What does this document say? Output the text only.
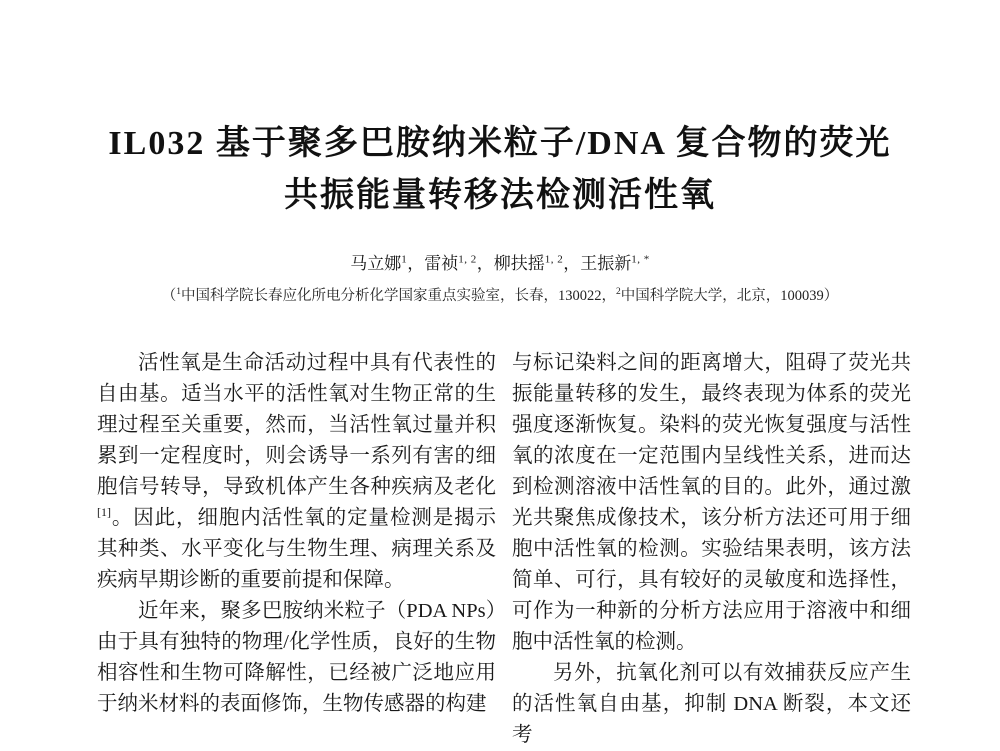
IL032 基于聚多巴胺纳米粒子/DNA 复合物的荧光
共振能量转移法检测活性氧
马立娜$^1$，雷祯$^{1, 2}$，柳扶摇$^{1, 2}$，王振新$^{1, *}$
（$^1$中国科学院长春应化所电分析化学国家重点实验室，长春，130022，$^2$中国科学院大学，北京，100039）

活性氧是生命活动过程中具有代表性的自由基。适当水平的活性氧对生物正常的生理过程至关重要，然而，当活性氧过量并积累到一定程度时，则会诱导一系列有害的细胞信号转导，导致机体产生各种疾病及老化[1]。因此，细胞内活性氧的定量检测是揭示其种类、水平变化与生物生理、病理关系及疾病早期诊断的重要前提和保障。

近年来，聚多巴胺纳米粒子（PDA NPs）由于具有独特的物理/化学性质，良好的生物相容性和生物可降解性，已经被广泛地应用于纳米材料的表面修饰，生物传感器的构建

与标记染料之间的距离增大，阻碍了荧光共振能量转移的发生，最终表现为体系的荧光强度逐渐恢复。染料的荧光恢复强度与活性氧的浓度在一定范围内呈线性关系，进而达到检测溶液中活性氧的目的。此外，通过激光共聚焦成像技术，该分析方法还可用于细胞中活性氧的检测。实验结果表明，该方法简单、可行，具有较好的灵敏度和选择性，可作为一种新的分析方法应用于溶液中和细胞中活性氧的检测。

另外，抗氧化剂可以有效捕获反应产生的活性氧自由基，抑制 DNA 断裂，本文还考
